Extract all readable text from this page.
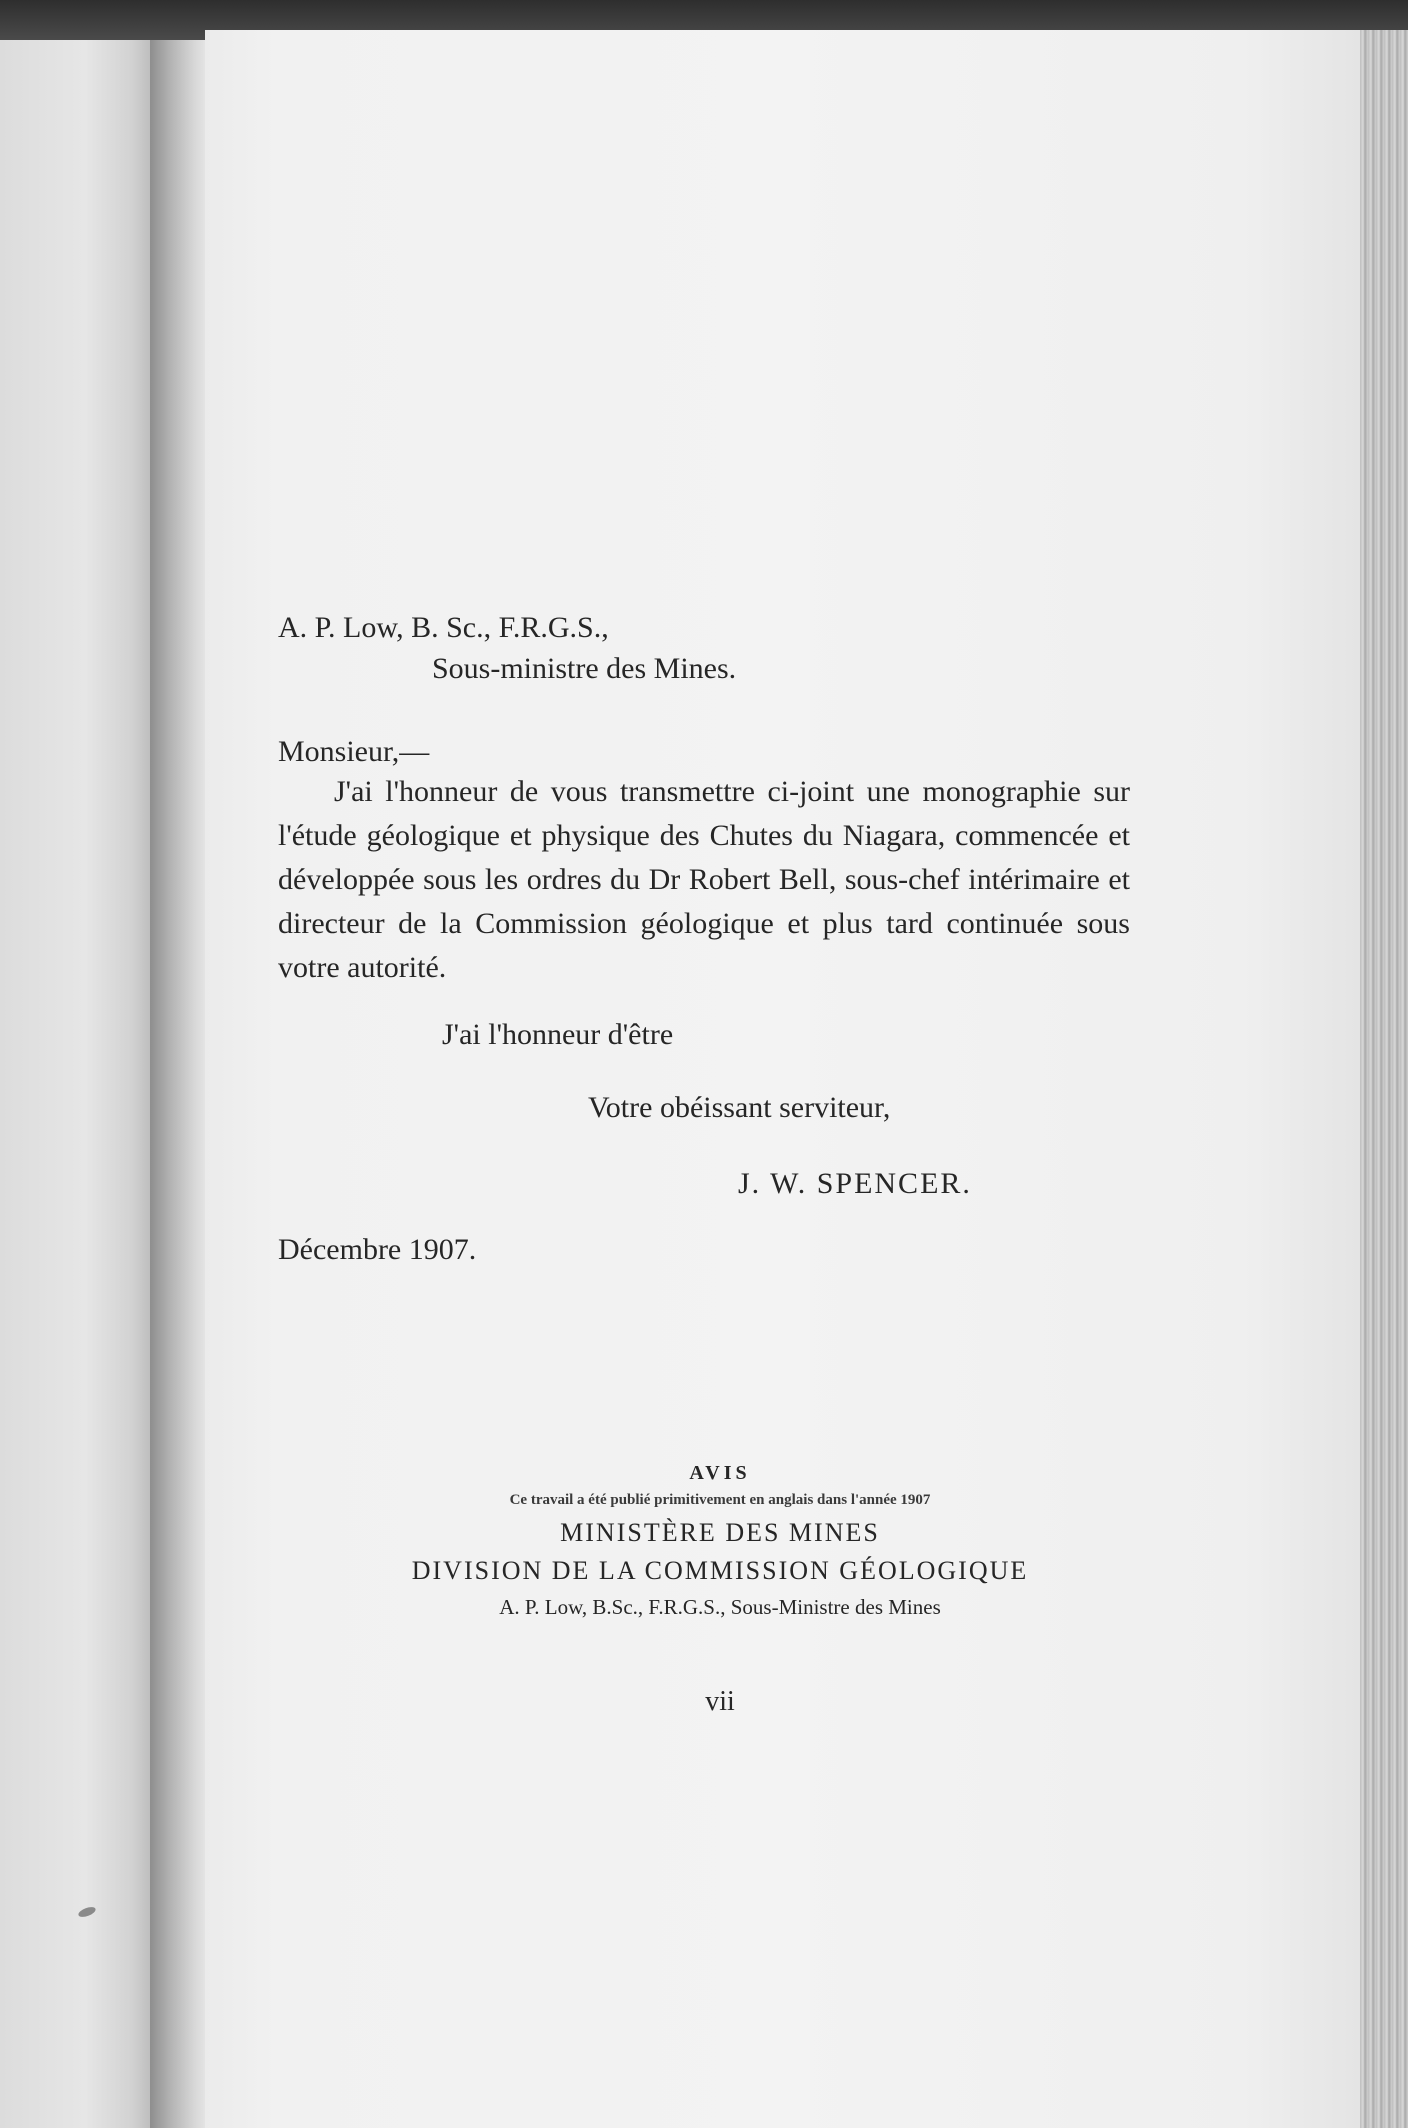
A. P. Low, B. Sc., F.R.G.S.,
Sous-ministre des Mines.
Monsieur,—

J'ai l'honneur de vous transmettre ci-joint une monographie sur l'étude géologique et physique des Chutes du Niagara, commencée et développée sous les ordres du Dr Robert Bell, sous-chef intérimaire et directeur de la Commission géologique et plus tard continuée sous votre autorité.

J'ai l'honneur d'être
Votre obéissant serviteur,
J. W. SPENCER.
Décembre 1907.
AVIS
Ce travail a été publié primitivement en anglais dans l'année 1907
MINISTÈRE DES MINES
DIVISION DE LA COMMISSION GÉOLOGIQUE
A. P. Low, B.Sc., F.R.G.S., Sous-Ministre des Mines
vii
